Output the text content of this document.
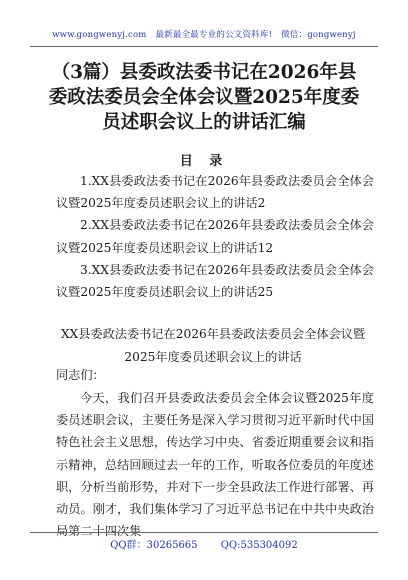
www.gongwenyj.com 最新最全最专业的公文资料库! 微信：gongwenyj
（3篇）县委政法委书记在2026年县委政法委员会全体会议暨2025年度委员述职会议上的讲话汇编
目 录

1.XX县委政法委书记在2026年县委政法委员会全体会议暨2025年度委员述职会议上的讲话2

2.XX县委政法委书记在2026年县委政法委员会全体会议暨2025年度委员述职会议上的讲话12

3.XX县委政法委书记在2026年县委政法委员会全体会议暨2025年度委员述职会议上的讲话25

XX县委政法委书记在2026年县委政法委员会全体会议暨
2025年度委员述职会议上的讲话
同志们：

今天，我们召开县委政法委员会全体会议暨2025年度委员述职会议，主要任务是深入学习贯彻习近平新时代中国特色社会主义思想，传达学习中央、省委近期重要会议和指示精神，总结回顾过去一年的工作，听取各位委员的年度述职，分析当前形势，并对下一步全县政法工作进行部署、再动员。刚才，我们集体学习了习近平总书记在中共中央政治

QQ群：30265665 QQ:535304092
